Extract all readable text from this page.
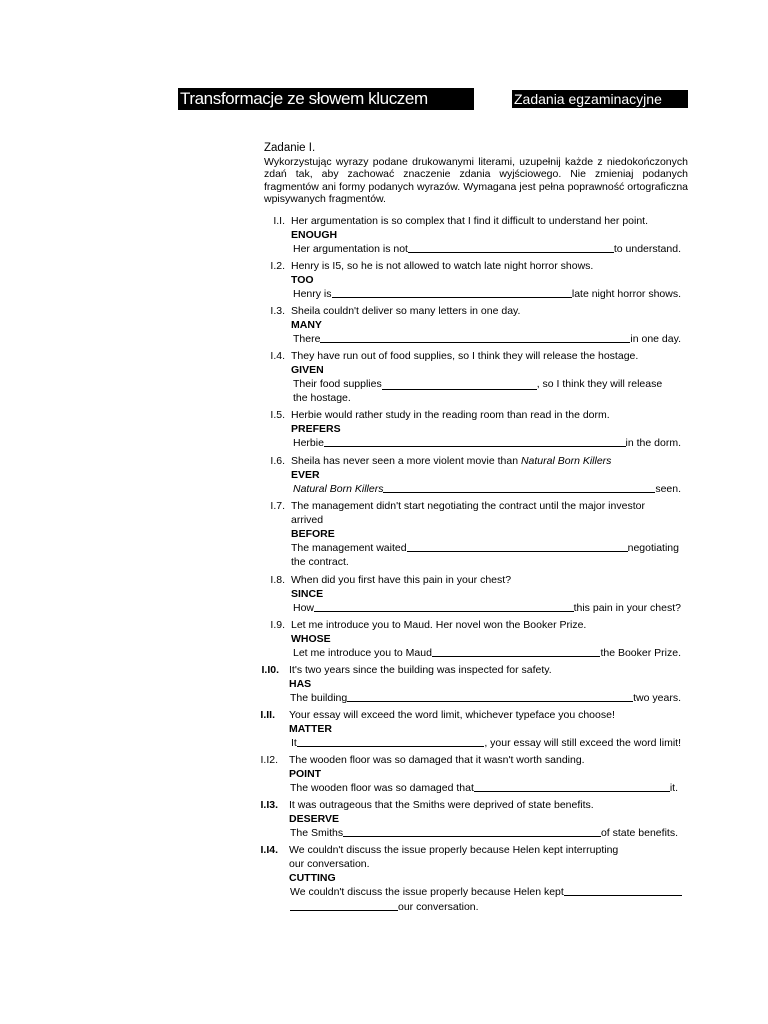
Transformacje ze słowem kluczem	Zadania egzaminacyjne
Zadanie I.
Wykorzystując wyrazy podane drukowanymi literami, uzupełnij każde z niedokończonych zdań tak, aby zachować znaczenie zdania wyjściowego. Nie zmieniaj podanych fragmentów ani formy podanych wyrazów. Wymagana jest pełna poprawność ortograficzna wpisywanych fragmentów.
I.I. Her argumentation is so complex that I find it difficult to understand her point.
ENOUGH
Her argumentation is not	to understand.
I.2. Henry is I5, so he is not allowed to watch late night horror shows.
TOO
Henry is	late night horror shows.
I.3. Sheila couldn't deliver so many letters in one day.
MANY
There	in one day.
I.4. They have run out of food supplies, so I think they will release the hostage.
GIVEN
Their food supplies	, so I think they will release
the hostage.
I.5. Herbie would rather study in the reading room than read in the dorm.
PREFERS
Herbie	in the dorm.
I.6. Sheila has never seen a more violent movie than Natural Born Killers
EVER
Natural Born Killers	seen.
I.7. The management didn't start negotiating the contract until the major investor
arrived
BEFORE
The management waited	negotiating
the contract.
I.8. When did you first have this pain in your chest?
SINCE
How	this pain in your chest?
I.9. Let me introduce you to Maud. Her novel won the Booker Prize.
WHOSE
Let me introduce you to Maud	the Booker Prize.
I.I0. It's two years since the building was inspected for safety.
HAS
The building	two years.
I.II. Your essay will exceed the word limit, whichever typeface you choose!
MATTER
It	, your essay will still exceed the word limit!
I.I2. The wooden floor was so damaged that it wasn't worth sanding.
POINT
The wooden floor was so damaged that	it.
I.I3. It was outrageous that the Smiths were deprived of state benefits.
DESERVE
The Smiths	of state benefits.
I.I4. We couldn't discuss the issue properly because Helen kept interrupting
our conversation.
CUTTING
We couldn't discuss the issue properly because Helen kept
our conversation.
